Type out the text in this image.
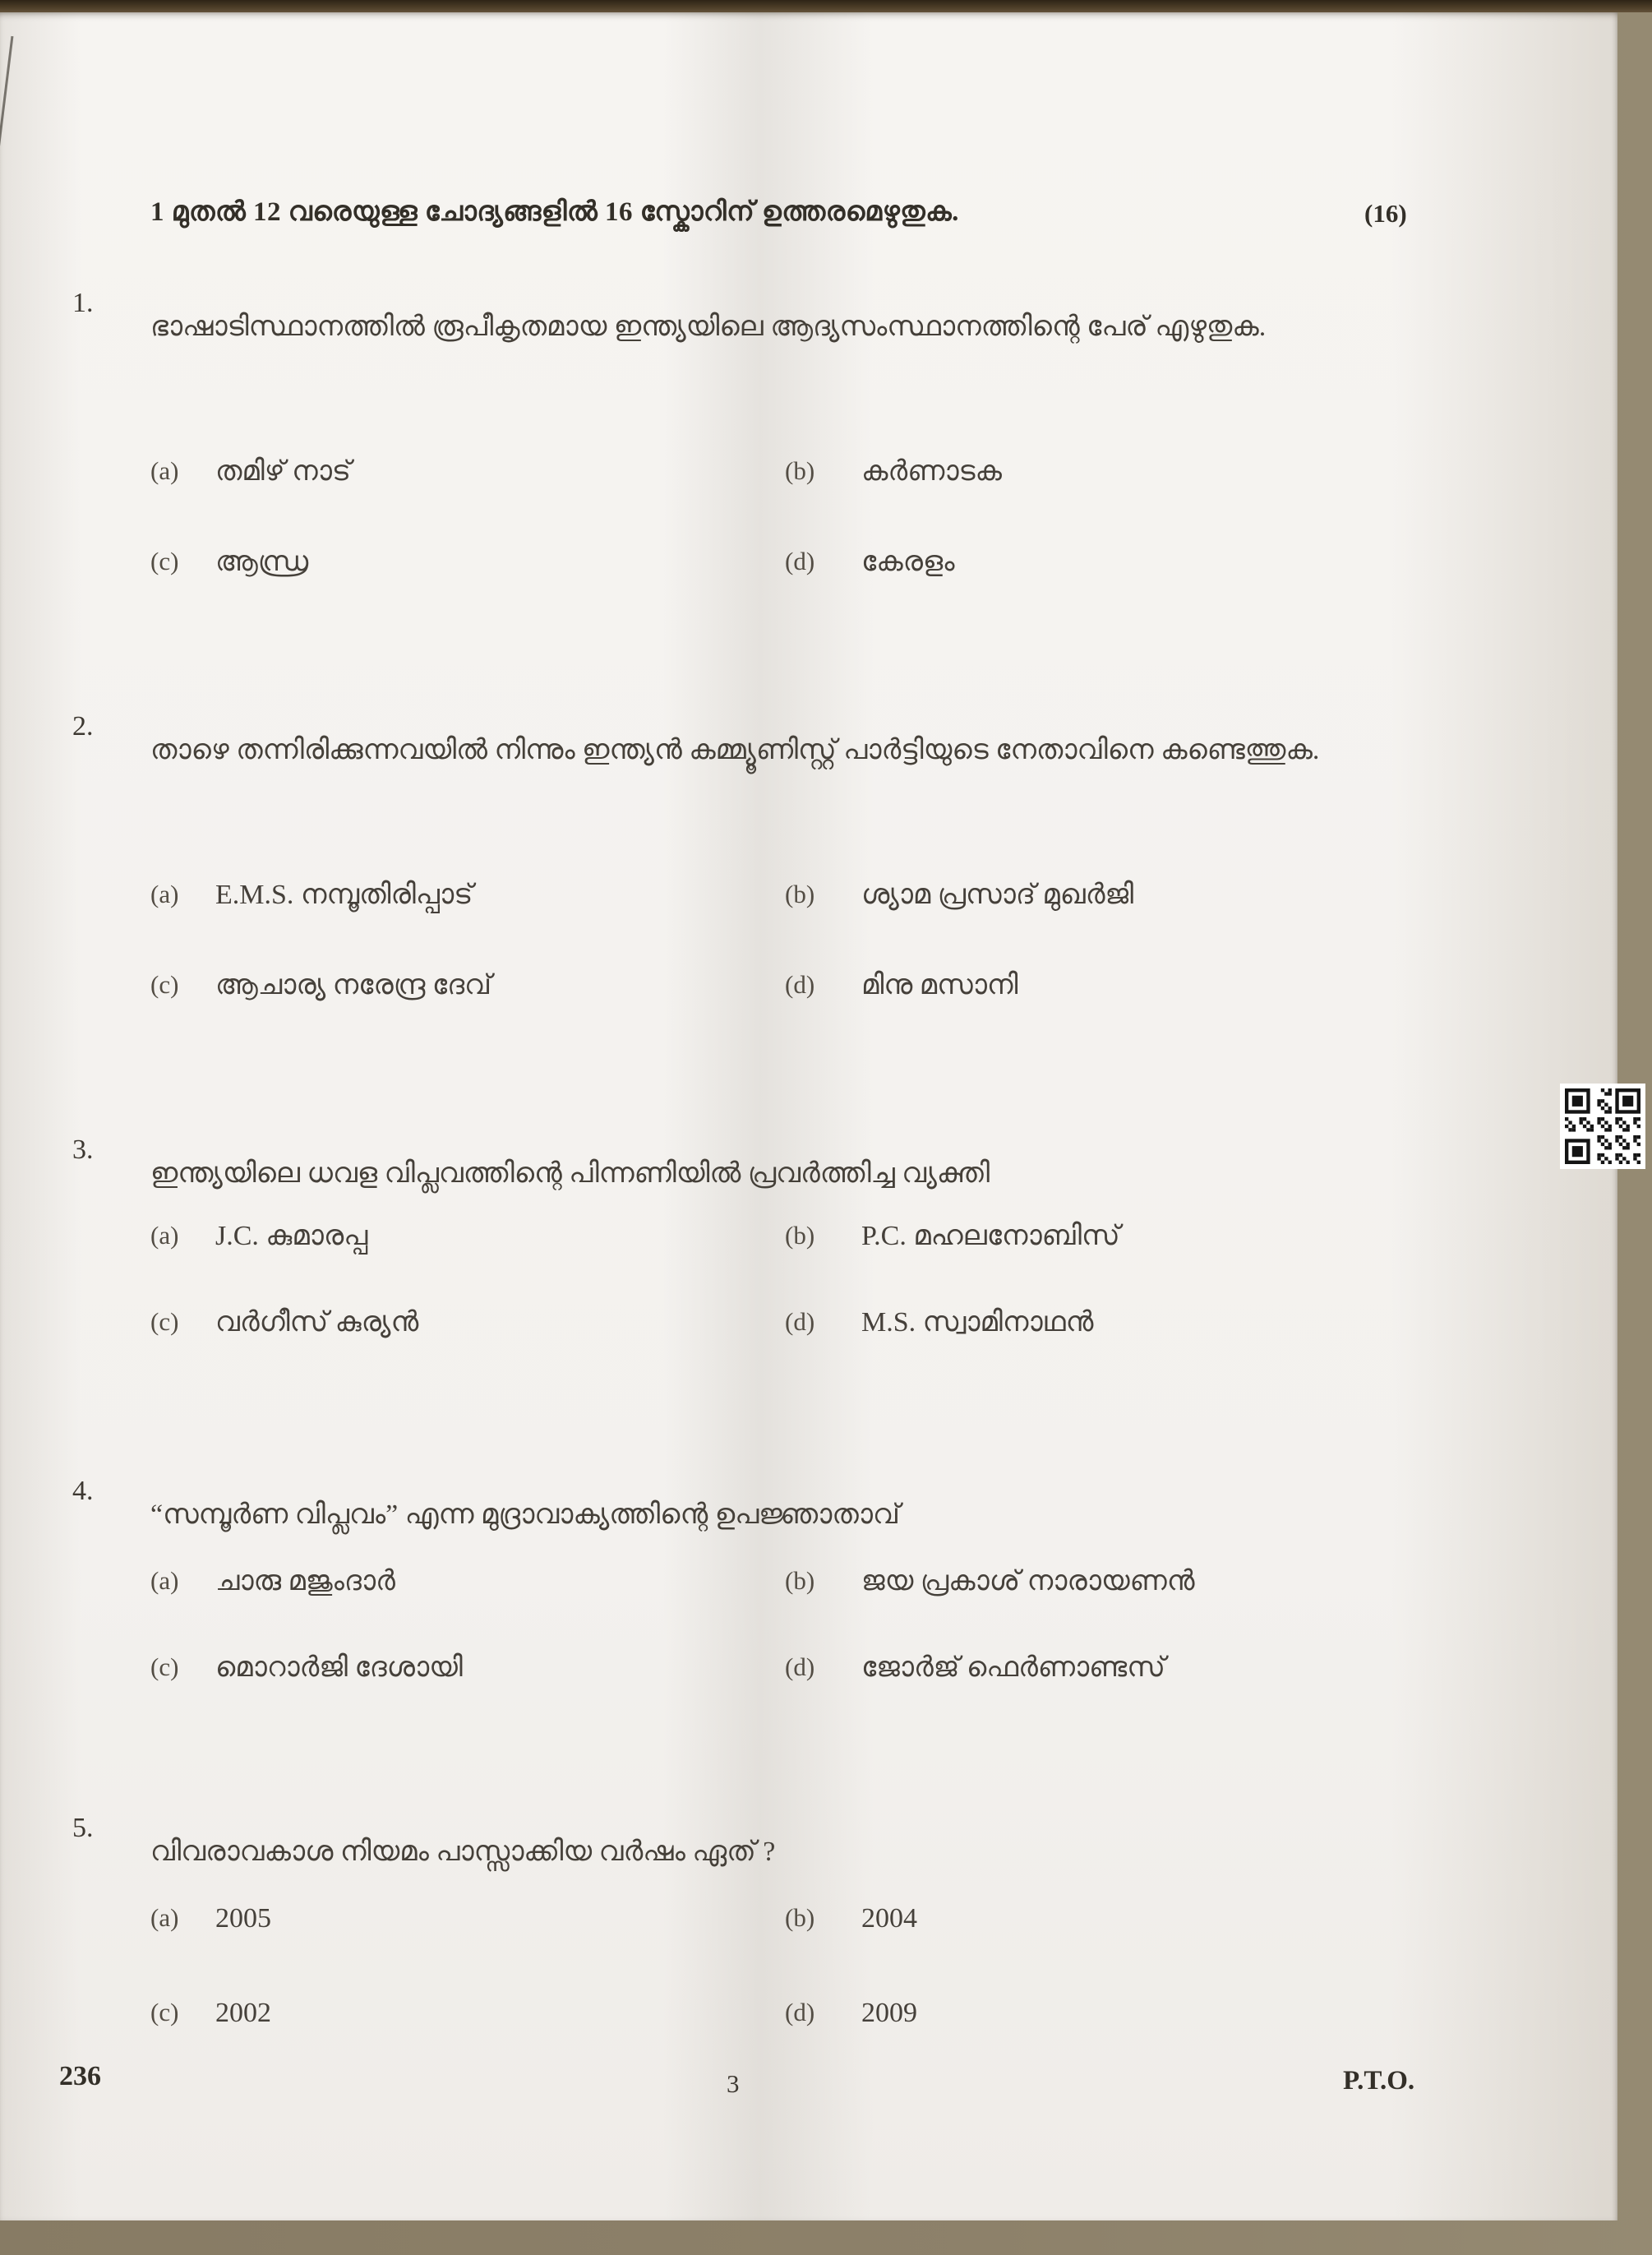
1 മുതൽ 12 വരെയുള്ള ചോദ്യങ്ങളിൽ 16 സ്കോറിന് ഉത്തരമെഴുതുക.	(16)
1.
ഭാഷാടിസ്ഥാനത്തിൽ രൂപീകൃതമായ ഇന്ത്യയിലെ ആദ്യസംസ്ഥാനത്തിന്റെ പേര് എഴുതുക.
(a) തമിഴ് നാട്	(b) കർണാടക
(c) ആന്ധ്ര	(d) കേരളം
2.
താഴെ തന്നിരിക്കുന്നവയിൽ നിന്നും ഇന്ത്യൻ കമ്മ്യൂണിസ്റ്റ് പാർട്ടിയുടെ നേതാവിനെ കണ്ടെത്തുക.
(a) E.M.S. നമ്പൂതിരിപ്പാട്	(b) ശ്യാമ പ്രസാദ് മുഖർജി
(c) ആചാര്യ നരേന്ദ്ര ദേവ്	(d) മിനു മസാനി
3.
ഇന്ത്യയിലെ ധവള വിപ്ലവത്തിന്റെ പിന്നണിയിൽ പ്രവർത്തിച്ച വ്യക്തി
(a) J.C. കുമാരപ്പ	(b) P.C. മഹലനോബിസ്
(c) വർഗീസ് കുര്യൻ	(d) M.S. സ്വാമിനാഥൻ
4.
“സമ്പൂർണ വിപ്ലവം” എന്ന മുദ്രാവാക്യത്തിന്റെ ഉപജ്ഞാതാവ്
(a) ചാരു മജുംദാർ	(b) ജയ പ്രകാശ് നാരായണൻ
(c) മൊറാർജി ദേശായി	(d) ജോർജ് ഫെർണാണ്ടസ്
5.
വിവരാവകാശ നിയമം പാസ്സാക്കിയ വർഷം ഏത് ?
(a) 2005	(b) 2004
(c) 2002	(d) 2009
236	3	P.T.O.
